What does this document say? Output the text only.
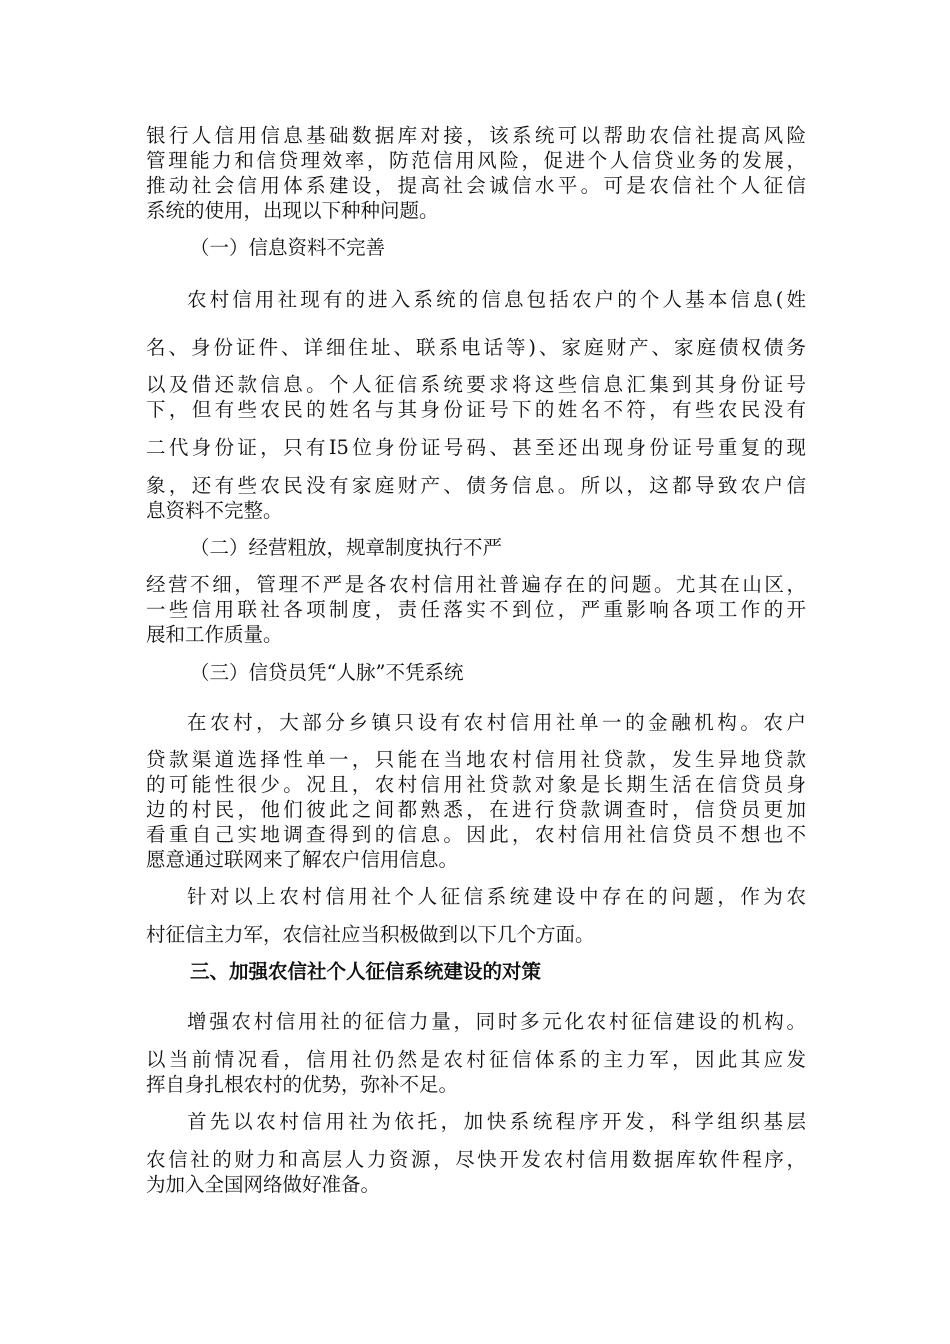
银行人信用信息基础数据库对接，该系统可以帮助农信社提高风险
管理能力和信贷理效率，防范信用风险，促进个人信贷业务的发展，
推动社会信用体系建设，提高社会诚信水平。可是农信社个人征信
系统的使用，出现以下种种问题。
（一）信息资料不完善
农村信用社现有的进入系统的信息包括农户的个人基本信息(姓
名、身份证件、详细住址、联系电话等)、家庭财产、家庭债权债务
以及借还款信息。个人征信系统要求将这些信息汇集到其身份证号
下，但有些农民的姓名与其身份证号下的姓名不符，有些农民没有
二代身份证，只有I5位身份证号码、甚至还出现身份证号重复的现
象，还有些农民没有家庭财产、债务信息。所以，这都导致农户信
息资料不完整。
（二）经营粗放，规章制度执行不严
经营不细，管理不严是各农村信用社普遍存在的问题。尤其在山区，
一些信用联社各项制度，责任落实不到位，严重影响各项工作的开
展和工作质量。
（三）信贷员凭“人脉”不凭系统
在农村，大部分乡镇只设有农村信用社单一的金融机构。农户
贷款渠道选择性单一，只能在当地农村信用社贷款，发生异地贷款
的可能性很少。况且，农村信用社贷款对象是长期生活在信贷员身
边的村民，他们彼此之间都熟悉，在进行贷款调查时，信贷员更加
看重自己实地调查得到的信息。因此，农村信用社信贷员不想也不
愿意通过联网来了解农户信用信息。
针对以上农村信用社个人征信系统建设中存在的问题，作为农
村征信主力军，农信社应当积极做到以下几个方面。
三、加强农信社个人征信系统建设的对策
增强农村信用社的征信力量，同时多元化农村征信建设的机构。
以当前情况看，信用社仍然是农村征信体系的主力军，因此其应发
挥自身扎根农村的优势，弥补不足。
首先以农村信用社为依托，加快系统程序开发，科学组织基层
农信社的财力和高层人力资源，尽快开发农村信用数据库软件程序，
为加入全国网络做好准备。
